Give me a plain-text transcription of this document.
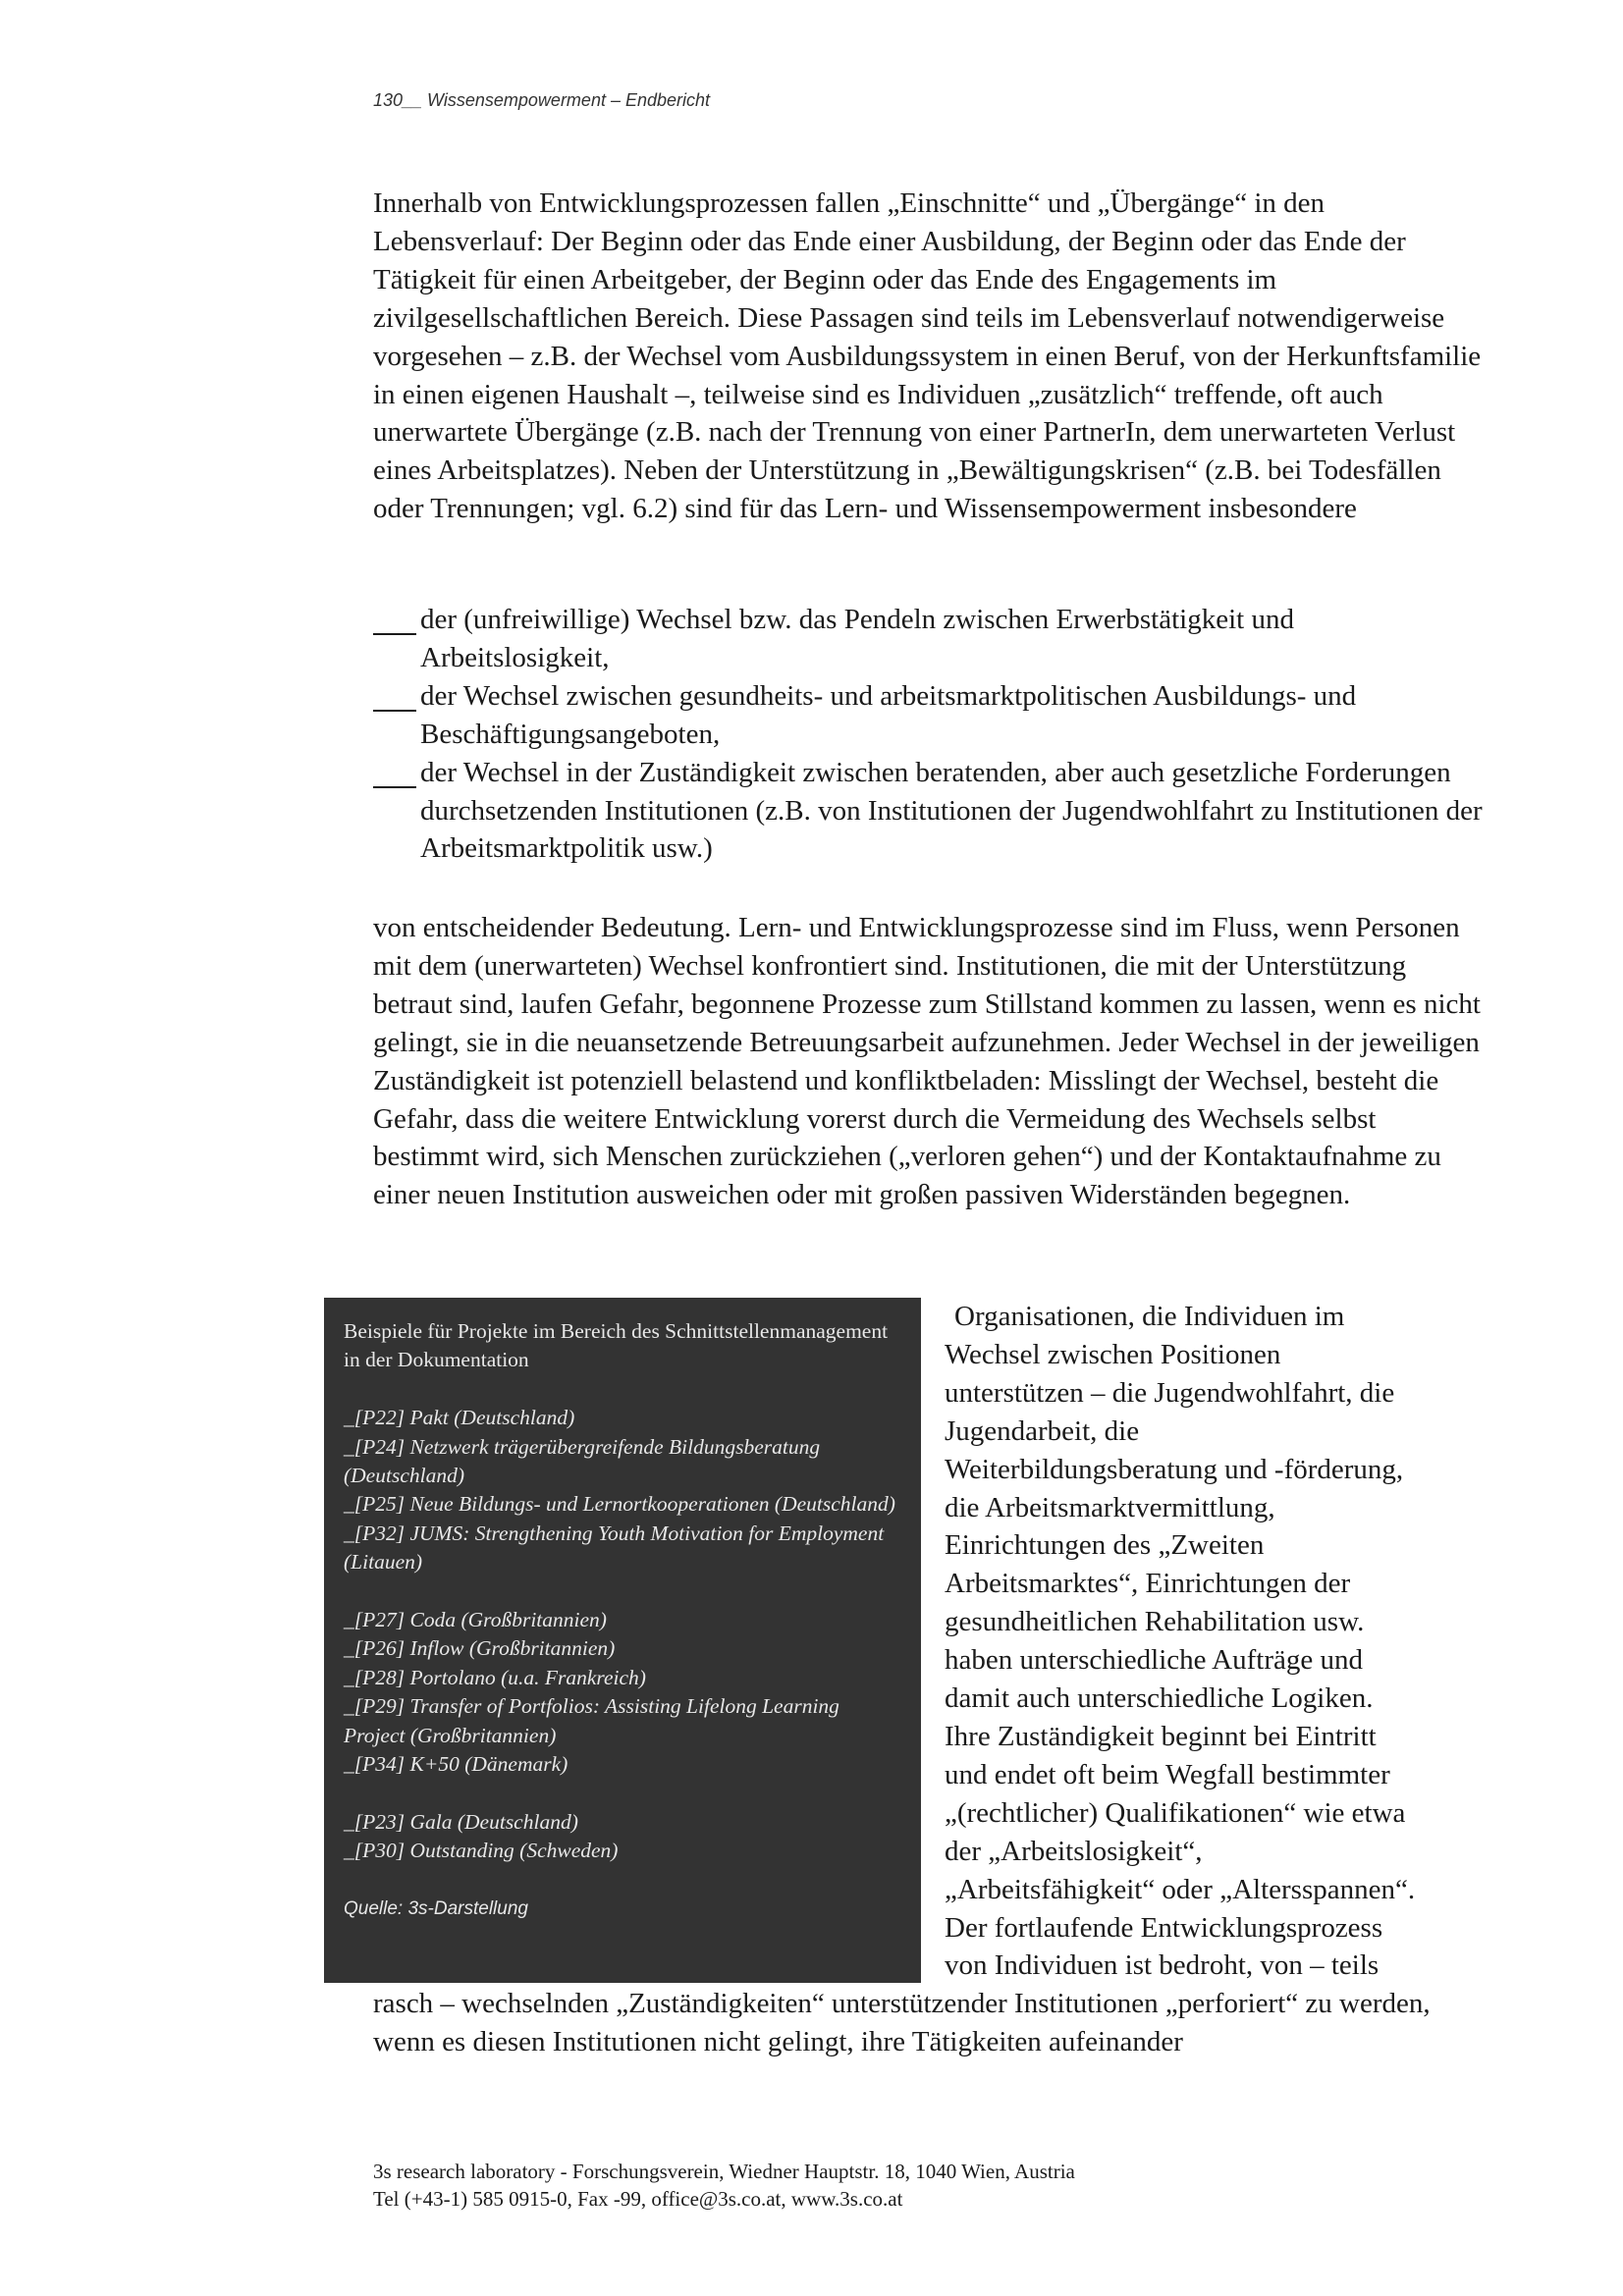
130__ Wissensempowerment – Endbericht

Innerhalb von Entwicklungsprozessen fallen „Einschnitte“ und „Übergänge“ in den Lebensverlauf: Der Beginn oder das Ende einer Ausbildung, der Beginn oder das Ende der Tätigkeit für einen Arbeitgeber, der Beginn oder das Ende des Engagements im zivilgesellschaftlichen Bereich. Diese Passagen sind teils im Lebensverlauf notwendigerweise vorgesehen – z.B. der Wechsel vom Ausbildungssystem in einen Beruf, von der Herkunftsfamilie in einen eigenen Haushalt –, teilweise sind es Individuen „zusätzlich“ treffende, oft auch unerwartete Übergänge (z.B. nach der Trennung von einer PartnerIn, dem unerwarteten Verlust eines Arbeitsplatzes). Neben der Unterstützung in „Bewältigungskrisen“ (z.B. bei Todesfällen oder Trennungen; vgl. 6.2) sind für das Lern- und Wissensempowerment insbesondere

der (unfreiwillige) Wechsel bzw. das Pendeln zwischen Erwerbstätigkeit und Arbeitslosigkeit,
der Wechsel zwischen gesundheits- und arbeitsmarktpolitischen Ausbildungs- und Beschäftigungsangeboten,
der Wechsel in der Zuständigkeit zwischen beratenden, aber auch gesetzliche Forderungen durchsetzenden Institutionen (z.B. von Institutionen der Jugendwohlfahrt zu Institutionen der Arbeitsmarktpolitik usw.)

von entscheidender Bedeutung. Lern- und Entwicklungsprozesse sind im Fluss, wenn Personen mit dem (unerwarteten) Wechsel konfrontiert sind. Institutionen, die mit der Unterstützung betraut sind, laufen Gefahr, begonnene Prozesse zum Stillstand kommen zu lassen, wenn es nicht gelingt, sie in die neuansetzende Betreuungsarbeit aufzunehmen. Jeder Wechsel in der jeweiligen Zuständigkeit ist potenziell belastend und konfliktbeladen: Misslingt der Wechsel, besteht die Gefahr, dass die weitere Entwicklung vorerst durch die Vermeidung des Wechsels selbst bestimmt wird, sich Menschen zurückziehen („verloren gehen“) und der Kontaktaufnahme zu einer neuen Institution ausweichen oder mit großen passiven Widerständen begegnen.

Beispiele für Projekte im Bereich des Schnittstellenmanagement in der Dokumentation

_[P22] Pakt (Deutschland)
_[P24] Netzwerk trägerübergreifende Bildungsberatung (Deutschland)
_[P25] Neue Bildungs- und Lernortkooperationen (Deutschland)
_[P32] JUMS: Strengthening Youth Motivation for Employment (Litauen)
_[P27] Coda (Großbritannien)
_[P26] Inflow (Großbritannien)
_[P28] Portolano (u.a. Frankreich)
_[P29] Transfer of Portfolios: Assisting Lifelong Learning Project (Großbritannien)
_[P34] K+50 (Dänemark)
_[P23] Gala (Deutschland)
_[P30] Outstanding (Schweden)
Quelle: 3s-Darstellung
Organisationen, die Individuen im
Wechsel zwischen Positionen
unterstützen – die Jugendwohlfahrt, die
Jugendarbeit, die
Weiterbildungsberatung und -förderung,
die Arbeitsmarktvermittlung,
Einrichtungen des „Zweiten
Arbeitsmarktes“, Einrichtungen der
gesundheitlichen Rehabilitation usw.
haben unterschiedliche Aufträge und
damit auch unterschiedliche Logiken.
Ihre Zuständigkeit beginnt bei Eintritt
und endet oft beim Wegfall bestimmter
„(rechtlicher) Qualifikationen“ wie etwa
der „Arbeitslosigkeit“,
„Arbeitsfähigkeit“ oder „Altersspannen“.
Der fortlaufende Entwicklungsprozess
von Individuen ist bedroht, von – teils

rasch – wechselnden „Zuständigkeiten“ unterstützender Institutionen „perforiert“ zu werden, wenn es diesen Institutionen nicht gelingt, ihre Tätigkeiten aufeinander

3s research laboratory - Forschungsverein, Wiedner Hauptstr. 18, 1040 Wien, Austria
Tel (+43-1) 585 0915-0, Fax -99, office@3s.co.at, www.3s.co.at
